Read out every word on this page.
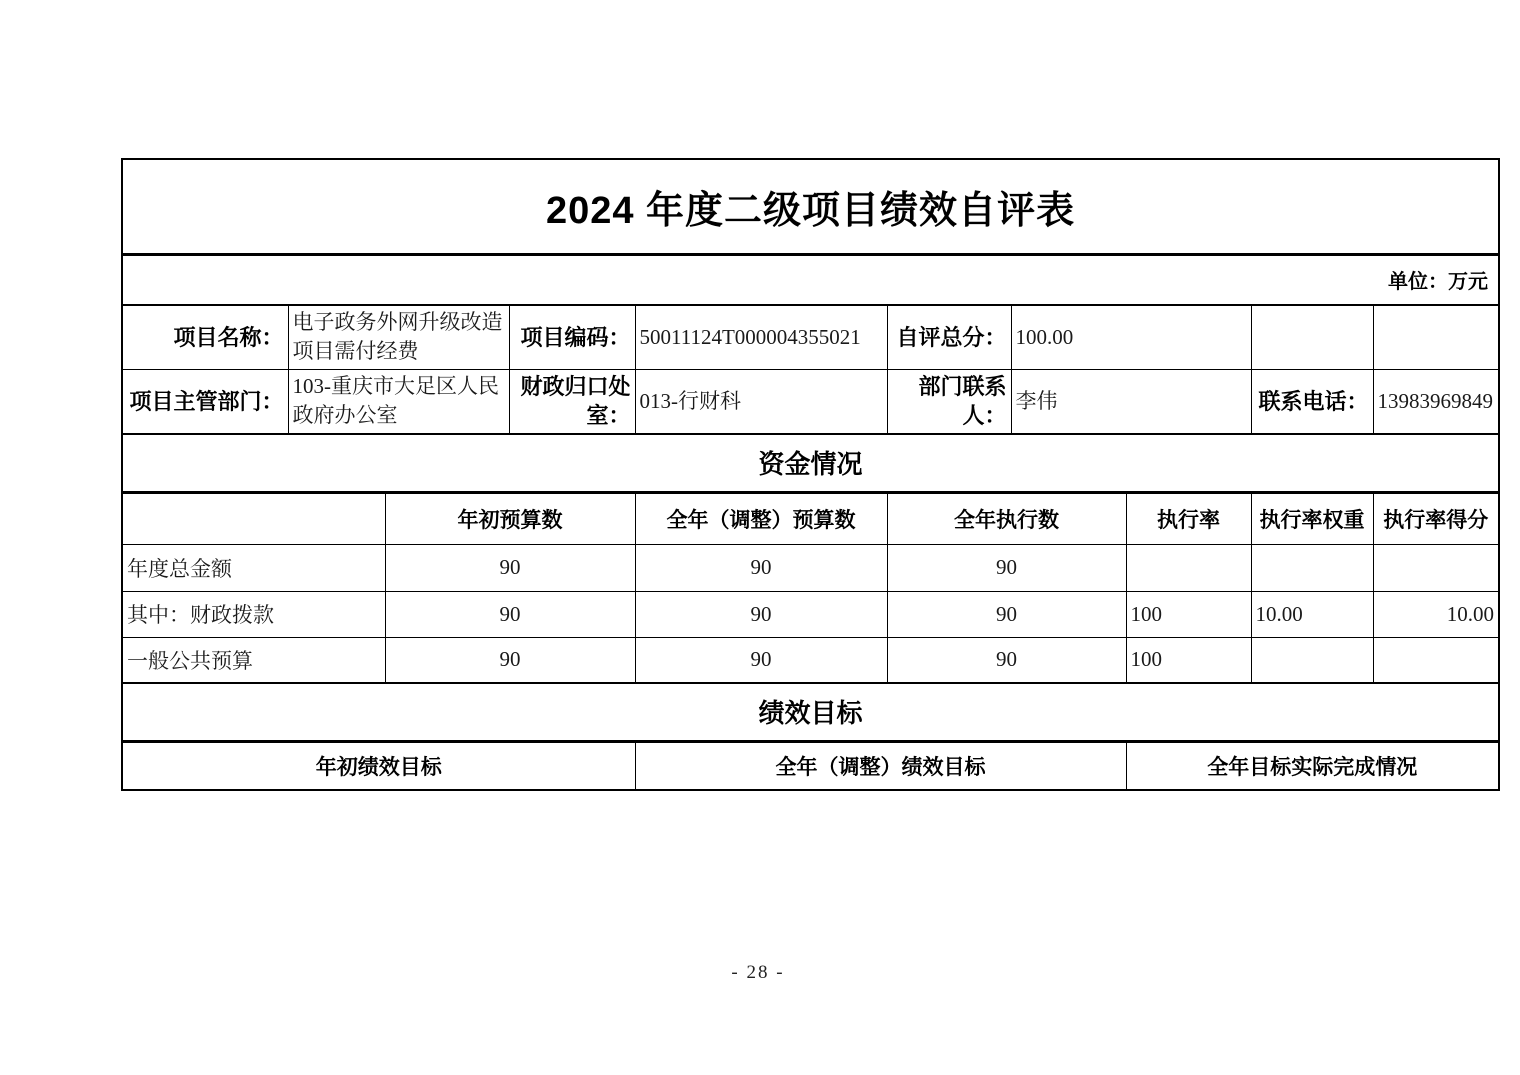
2024 年度二级项目绩效自评表									
单位：万元									
项目名称：	电子政务外网升级改造项目需付经费		项目编码：	50011124T000004355021	自评总分：	100.00			
项目主管部门：	103-重庆市大足区人民政府办公室		财政归口处室：	013-行财科	部门联系人：	李伟		联系电话：	13983969849
资金情况									
		年初预算数		全年（调整）预算数	全年执行数		执行率	执行率权重	执行率得分
年度总金额		90		90	90				
其中：财政拨款		90		90	90		100	10.00	10.00
一般公共预算		90		90	90		100		
绩效目标									
年初绩效目标				全年（调整）绩效目标			全年目标实际完成情况		
- 28 -
